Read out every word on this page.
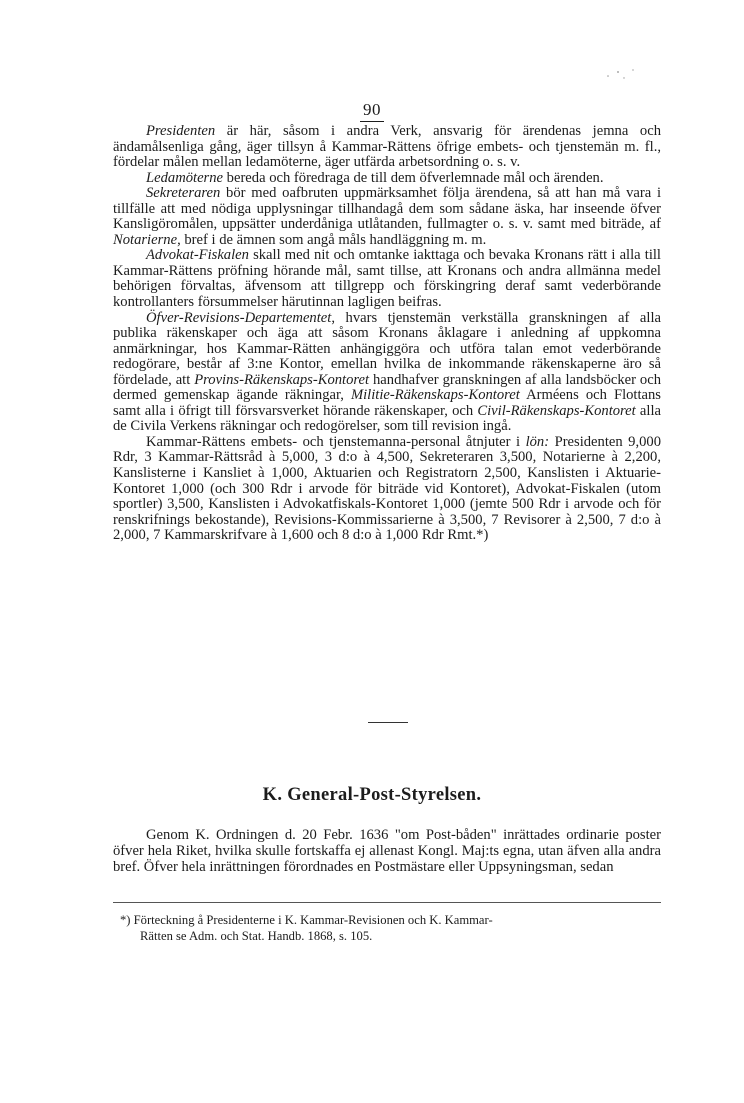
90

Presidenten är här, såsom i andra Verk, ansvarig för ärendenas jemna och ändamålsenliga gång, äger tillsyn å Kammar-Rättens öfrige embets- och tjenstemän m. fl., fördelar målen mellan ledamöterne, äger utfärda arbetsordning o. s. v.

Ledamöterne bereda och föredraga de till dem öfverlemnade mål och ärenden.

Sekreteraren bör med oafbruten uppmärksamhet följa ärendena, så att han må vara i tillfälle att med nödiga upplysningar tillhandagå dem som sådane äska, har inseende öfver Kansligöromålen, uppsätter underdåniga utlåtanden, fullmagter o. s. v. samt med biträde, af Notarierne, bref i de ämnen som angå måls handläggning m. m.

Advokat-Fiskalen skall med nit och omtanke iakttaga och bevaka Kronans rätt i alla till Kammar-Rättens pröfning hörande mål, samt tillse, att Kronans och andra allmänna medel behörigen förvaltas, äfvensom att tillgrepp och förskingring deraf samt vederbörande kontrollanters försummelser härutinnan lagligen beifras.

Öfver-Revisions-Departementet, hvars tjenstemän verkställa granskningen af alla publika räkenskaper och äga att såsom Kronans åklagare i anledning af uppkomna anmärkningar, hos Kammar-Rätten anhängiggöra och utföra talan emot vederbörande redogörare, består af 3:ne Kontor, emellan hvilka de inkommande räkenskaperne äro så fördelade, att Provins-Räkenskaps-Kontoret handhafver granskningen af alla landsböcker och dermed gemenskap ägande räkningar, Militie-Räkenskaps-Kontoret Arméens och Flottans samt alla i öfrigt till försvarsverket hörande räkenskaper, och Civil-Räkenskaps-Kontoret alla de Civila Verkens räkningar och redogörelser, som till revision ingå.

Kammar-Rättens embets- och tjenstemanna-personal åtnjuter i lön: Presidenten 9,000 Rdr, 3 Kammar-Rättsråd à 5,000, 3 d:o à 4,500, Sekreteraren 3,500, Notarierne à 2,200, Kanslisterne i Kansliet à 1,000, Aktuarien och Registratorn 2,500, Kanslisten i Aktuarie-Kontoret 1,000 (och 300 Rdr i arvode för biträde vid Kontoret), Advokat-Fiskalen (utom sportler) 3,500, Kanslisten i Advokatfiskals-Kontoret 1,000 (jemte 500 Rdr i arvode och för renskrifnings bekostande), Revisions-Kommissarierne à 3,500, 7 Revisorer à 2,500, 7 d:o à 2,000, 7 Kammarskrifvare à 1,600 och 8 d:o à 1,000 Rdr Rmt.*)

K. General-Post-Styrelsen.

Genom K. Ordningen d. 20 Febr. 1636 "om Post-båden" inrättades ordinarie poster öfver hela Riket, hvilka skulle fortskaffa ej allenast Kongl. Maj:ts egna, utan äfven alla andra bref. Öfver hela inrättningen förordnades en Postmästare eller Uppsyningsman, sedan

*) Förteckning å Presidenterne i K. Kammar-Revisionen och K. Kammar-
Rätten se Adm. och Stat. Handb. 1868, s. 105.
